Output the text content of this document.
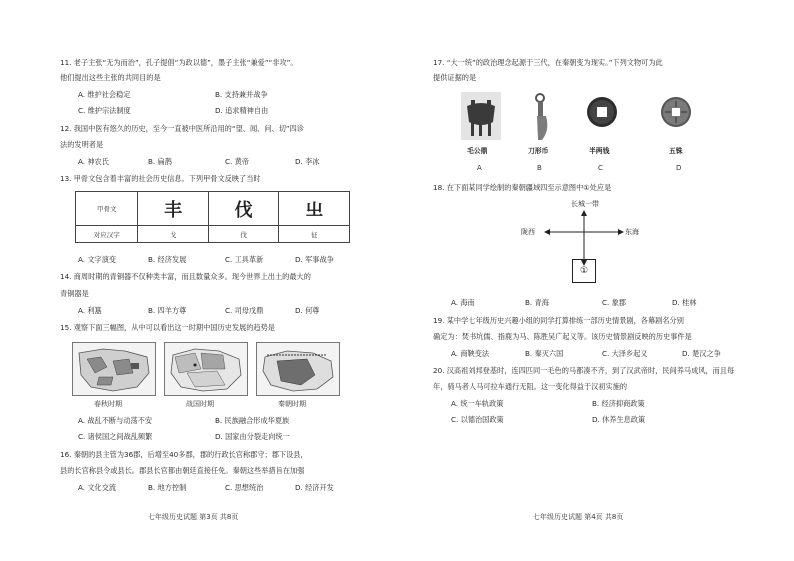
11. 老子主张“无为而治”，孔子提倡“为政以德”，墨子主张“兼爱”“非攻”。
他们提出这些主张的共同目的是
A. 维护社会稳定	B. 支持兼并战争
C. 维护宗法制度	D. 追求精神自由
12. 我国中医有悠久的历史，至今一直被中医所沿用的“望、闻、问、切”四诊
法的发明者是
A. 神农氏	B. 扁鹊	C. 黄帝	D. 李冰
13. 甲骨文包含着丰富的社会历史信息。下列甲骨文反映了当时
甲骨文	丰	伐	㞢
对应汉字	戈	伐	征
A. 文字演变	B. 经济发展	C. 工具革新	D. 军事战争
14. 商周时期的青铜器不仅种类丰富，而且数量众多。现今世界上出土的最大的
青铜器是
A. 利簋	B. 四羊方尊	C. 司母戊鼎	D. 何尊
15. 观察下面三幅图，从中可以看出这一时期中国历史发展的趋势是
春秋时期	战国时期	秦朝时期
A. 战乱不断与动荡不安	B. 民族融合形成华夏族
C. 诸侯国之间战乱频繁	D. 国家由分裂走向统一
16. 秦朝的县主管为36郡，后增至40多郡，郡的行政长官称郡守；郡下设县，
县的长官称县令或县长。郡县长官都由朝廷直接任免。秦朝这些举措旨在加强
A. 文化交流	B. 地方控制	C. 思想统治	D. 经济开发
七年级历史试题 第3页 共8页
17. “大一统”的政治理念起源于三代，在秦朝变为现实。”下列文物可为此
提供证据的是
毛公鼎	刀形币	半两钱	五铢
A	B	C	D
18. 在下面某同学绘制的秦朝疆域四至示意图中①处应是
长城一带
陇西	东海
①
A. 海南	B. 青海	C. 象郡	D. 桂林
19. 某中学七年级历史兴趣小组的同学打算排练一部历史情景剧，各幕剧名分别
确定为：焚书坑儒、指鹿为马、陈胜吴广起义等。该历史情景剧反映的历史事件是
A. 商鞅变法	B. 秦灭六国	C. 大泽乡起义	D. 楚汉之争
20. 汉高祖刘邦登基时，连四匹同一毛色的马都凑不齐，到了汉武帝时，民间养马成风，而且每
年，骑马者人马可拉车通行无阻。这一变化得益于汉初实施的
A. 统一车轨政策	B. 经济抑商政策
C. 以德治国政策	D. 休养生息政策
七年级历史试题 第4页 共8页
